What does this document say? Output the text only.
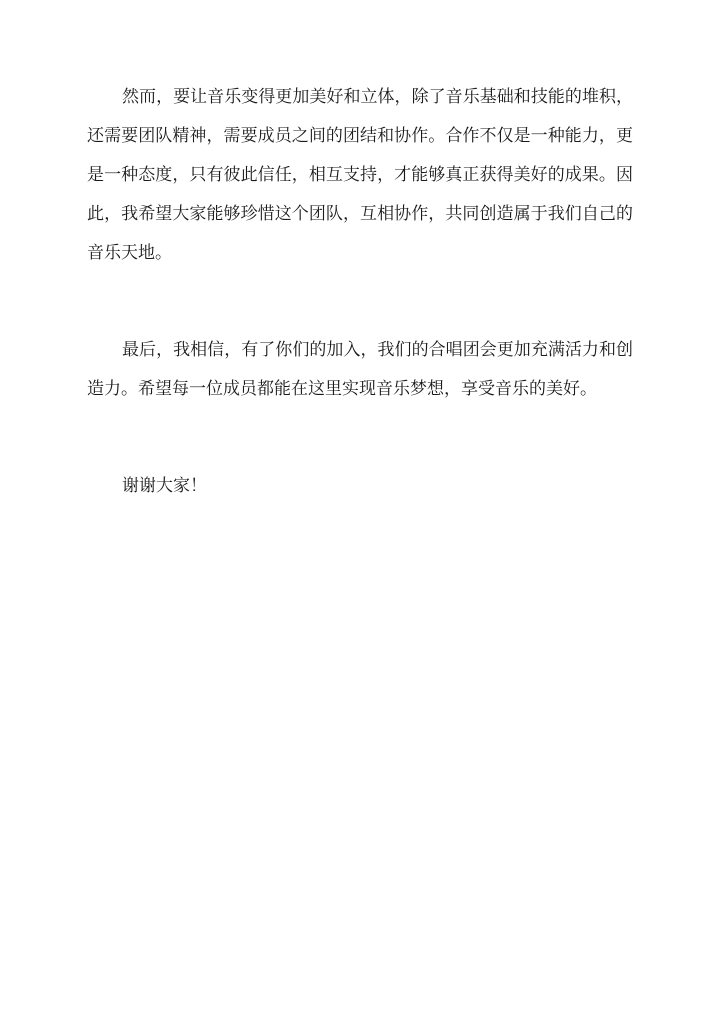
然而，要让音乐变得更加美好和立体，除了音乐基础和技能的堆积，还需要团队精神，需要成员之间的团结和协作。合作不仅是一种能力，更是一种态度，只有彼此信任，相互支持，才能够真正获得美好的成果。因此，我希望大家能够珍惜这个团队，互相协作，共同创造属于我们自己的音乐天地。

最后，我相信，有了你们的加入，我们的合唱团会更加充满活力和创造力。希望每一位成员都能在这里实现音乐梦想，享受音乐的美好。

谢谢大家！
